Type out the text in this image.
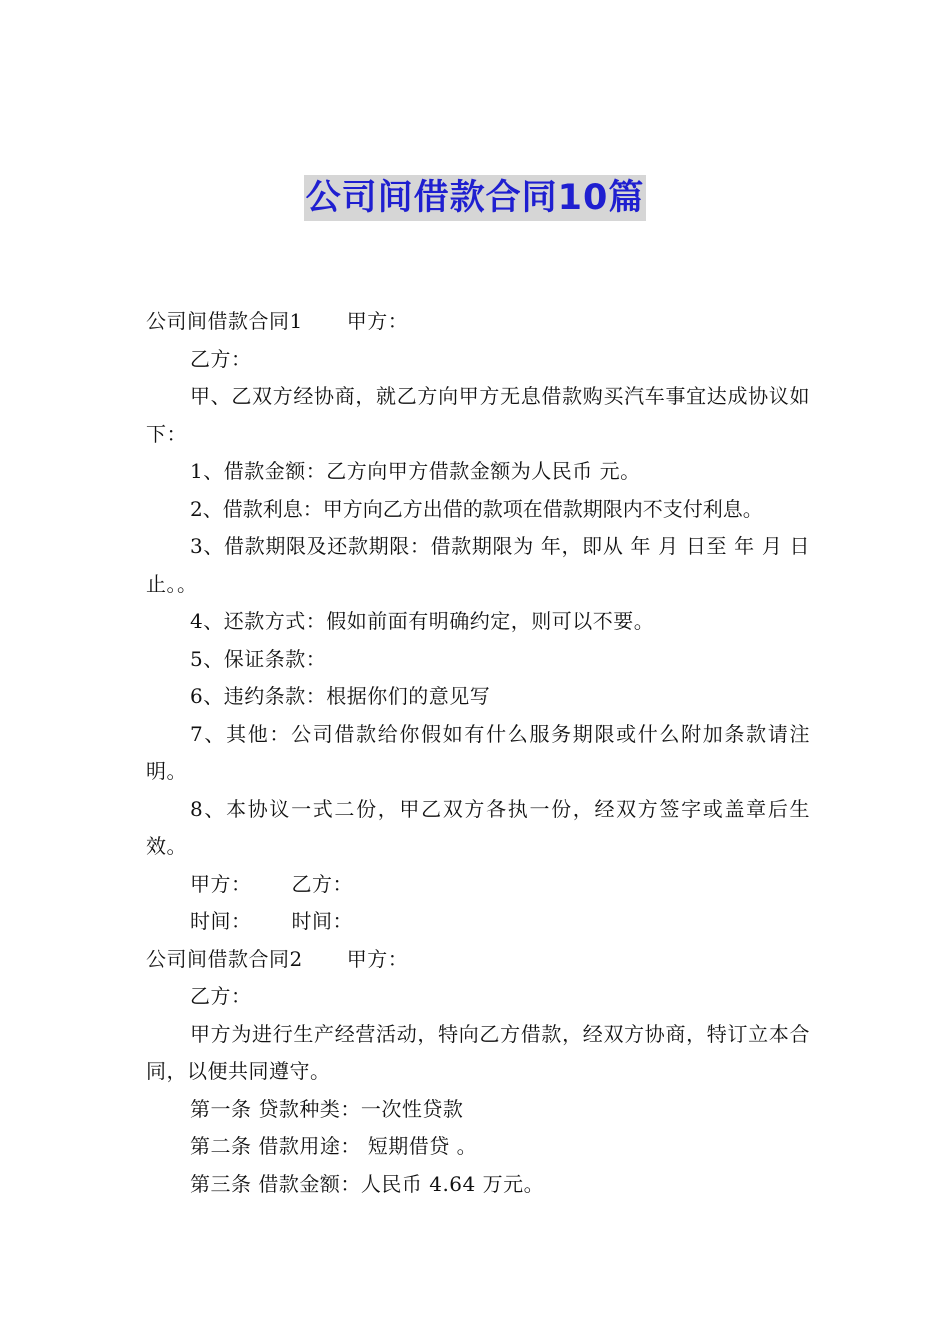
公司间借款合同10篇

公司间借款合同1 甲方：

乙方：

甲、乙双方经协商，就乙方向甲方无息借款购买汽车事宜达成协议如下：

1、借款金额：乙方向甲方借款金额为人民币 元。

2、借款利息：甲方向乙方出借的款项在借款期限内不支付利息。

3、借款期限及还款期限：借款期限为 年，即从 年 月 日至 年 月 日止。。

4、还款方式：假如前面有明确约定，则可以不要。

5、保证条款：

6、违约条款：根据你们的意见写

7、其他：公司借款给你假如有什么服务期限或什么附加条款请注明。

8、本协议一式二份，甲乙双方各执一份，经双方签字或盖章后生效。

甲方： 乙方：

时间： 时间：

公司间借款合同2 甲方：

乙方：

甲方为进行生产经营活动，特向乙方借款，经双方协商，特订立本合同，以便共同遵守。

第一条 贷款种类：一次性贷款

第二条 借款用途： 短期借贷 。

第三条 借款金额：人民币 4.64 万元。
